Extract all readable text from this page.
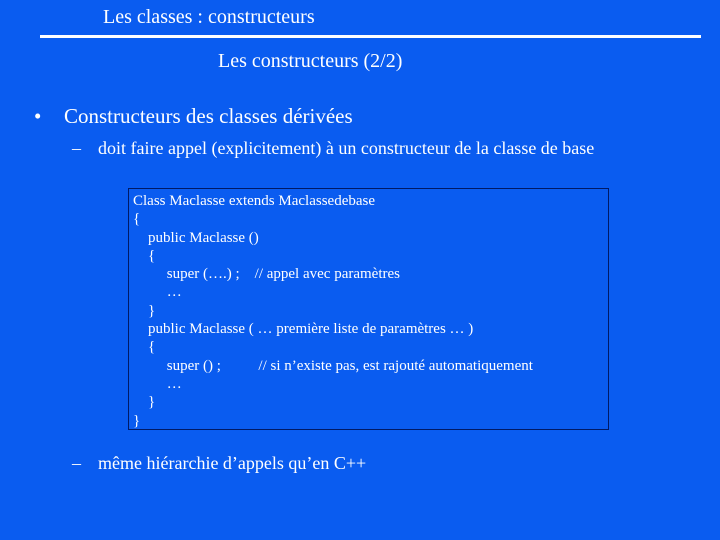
Les classes : constructeurs
Les constructeurs (2/2)
• Constructeurs des classes dérivées
– doit faire appel (explicitement) à un constructeur de la classe de base
Class Maclasse extends Maclassedebase
{
public Maclasse ()
{
super (….) ;    // appel avec paramètres
…
}
public Maclasse ( … première liste de paramètres … )
{
super () ;          // si n’existe pas, est rajouté automatiquement
…
}
}
– même hiérarchie d’appels qu’en C++
